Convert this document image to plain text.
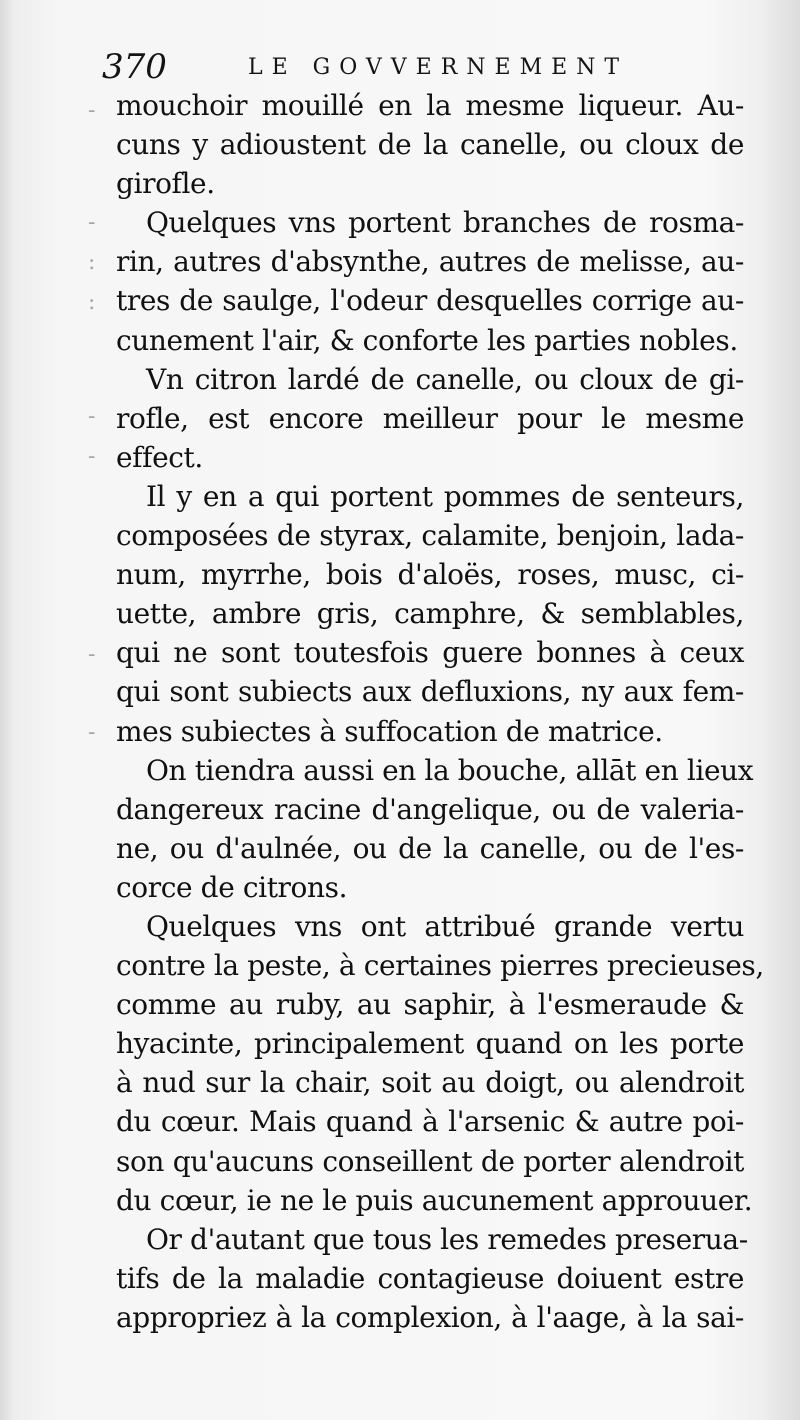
-
-
:
:
-
-
-
-
370	LE GOVVERNEMENT
mouchoir mouillé en la mesme liqueur. Au-
cuns y adioustent de la canelle, ou cloux de
girofle.
Quelques vns portent branches de rosma-
rin, autres d'absynthe, autres de melisse, au-
tres de saulge, l'odeur desquelles corrige au-
cunement l'air, & conforte les parties nobles.
Vn citron lardé de canelle, ou cloux de gi-
rofle, est encore meilleur pour le mesme
effect.
Il y en a qui portent pommes de senteurs,
composées de styrax, calamite, benjoin, lada-
num, myrrhe, bois d'aloës, roses, musc, ci-
uette, ambre gris, camphre, & semblables,
qui ne sont toutesfois guere bonnes à ceux
qui sont subiects aux defluxions, ny aux fem-
mes subiectes à suffocation de matrice.
On tiendra aussi en la bouche, allāt en lieux
dangereux racine d'angelique, ou de valeria-
ne, ou d'aulnée, ou de la canelle, ou de l'es-
corce de citrons.
Quelques vns ont attribué grande vertu
contre la peste, à certaines pierres precieuses,
comme au ruby, au saphir, à l'esmeraude &
hyacinte, principalement quand on les porte
à nud sur la chair, soit au doigt, ou alendroit
du cœur. Mais quand à l'arsenic & autre poi-
son qu'aucuns conseillent de porter alendroit
du cœur, ie ne le puis aucunement approuuer.
Or d'autant que tous les remedes preserua-
tifs de la maladie contagieuse doiuent estre
appropriez à la complexion, à l'aage, à la sai-
